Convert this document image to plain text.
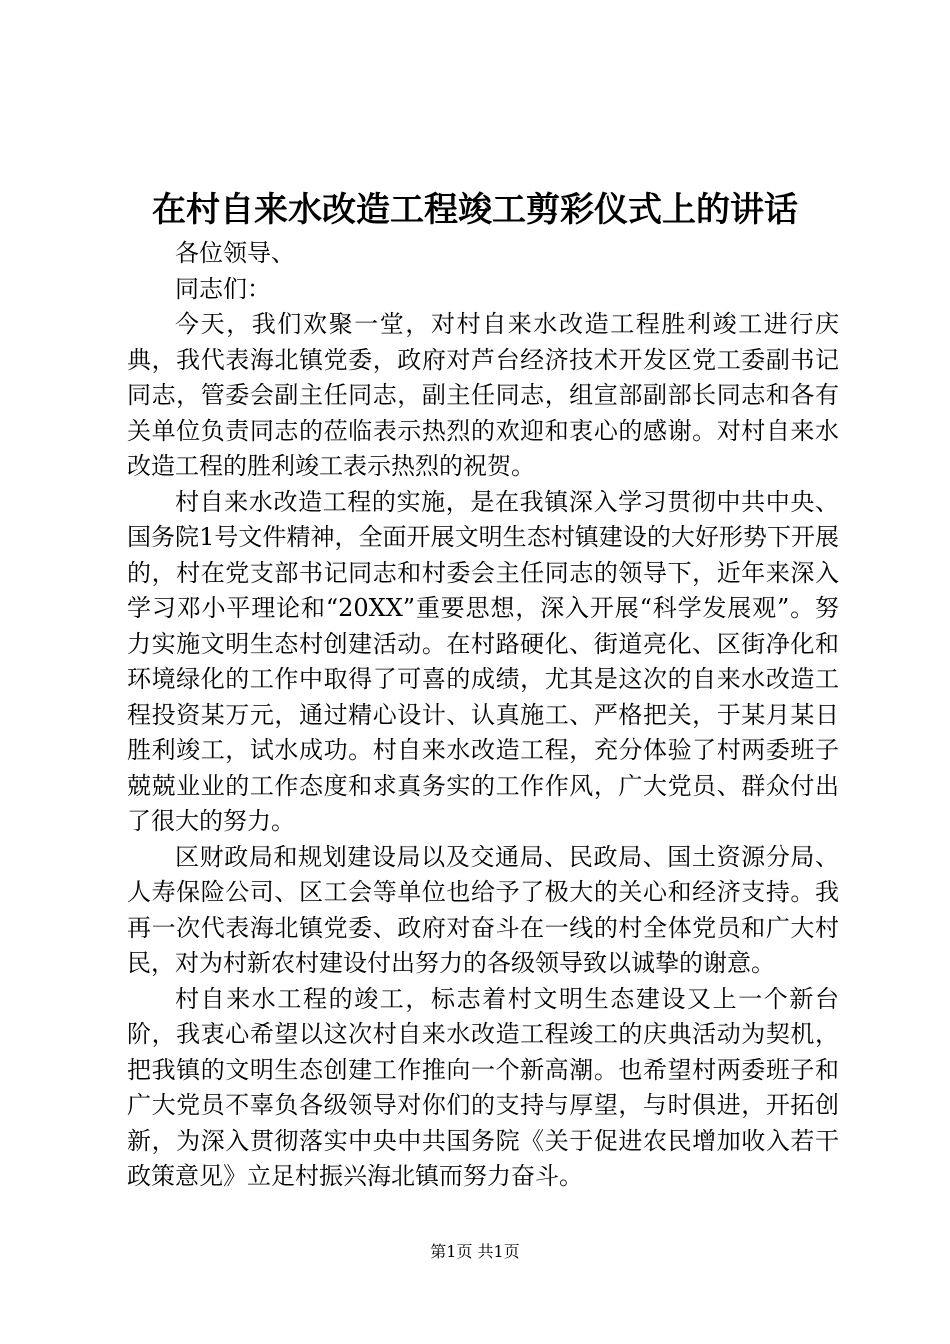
在村自来水改造工程竣工剪彩仪式上的讲话

各位领导、

同志们：

今天，我们欢聚一堂，对村自来水改造工程胜利竣工进行庆典，我代表海北镇党委，政府对芦台经济技术开发区党工委副书记同志，管委会副主任同志，副主任同志，组宣部副部长同志和各有关单位负责同志的莅临表示热烈的欢迎和衷心的感谢。对村自来水改造工程的胜利竣工表示热烈的祝贺。

村自来水改造工程的实施，是在我镇深入学习贯彻中共中央、国务院1号文件精神，全面开展文明生态村镇建设的大好形势下开展的，村在党支部书记同志和村委会主任同志的领导下，近年来深入学习邓小平理论和“20XX”重要思想，深入开展“科学发展观”。努力实施文明生态村创建活动。在村路硬化、街道亮化、区街净化和环境绿化的工作中取得了可喜的成绩，尤其是这次的自来水改造工程投资某万元，通过精心设计、认真施工、严格把关，于某月某日胜利竣工，试水成功。村自来水改造工程，充分体验了村两委班子兢兢业业的工作态度和求真务实的工作作风，广大党员、群众付出了很大的努力。

区财政局和规划建设局以及交通局、民政局、国土资源分局、人寿保险公司、区工会等单位也给予了极大的关心和经济支持。我再一次代表海北镇党委、政府对奋斗在一线的村全体党员和广大村民，对为村新农村建设付出努力的各级领导致以诚挚的谢意。

村自来水工程的竣工，标志着村文明生态建设又上一个新台阶，我衷心希望以这次村自来水改造工程竣工的庆典活动为契机，把我镇的文明生态创建工作推向一个新高潮。也希望村两委班子和广大党员不辜负各级领导对你们的支持与厚望，与时俱进，开拓创新，为深入贯彻落实中央中共国务院《关于促进农民增加收入若干政策意见》立足村振兴海北镇而努力奋斗。

第1页 共1页
